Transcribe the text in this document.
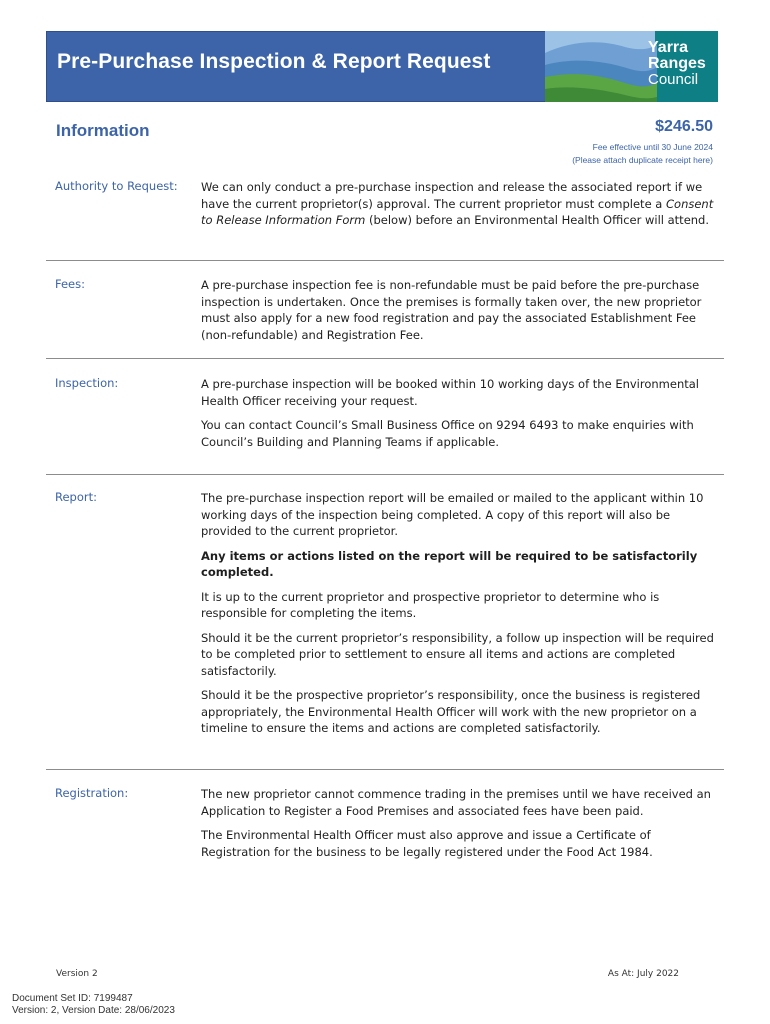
Pre-Purchase Inspection & Report Request
Yarra
Ranges
Council
Information	$246.50
Fee effective until 30 June 2024
(Please attach duplicate receipt here)
Authority to Request: We can only conduct a pre-purchase inspection and release the associated report if we have the current proprietor(s) approval. The current proprietor must complete a Consent to Release Information Form (below) before an Environmental Health Officer will attend.

Fees:	A pre-purchase inspection fee is non-refundable must be paid before the pre-purchase inspection is undertaken. Once the premises is formally taken over, the new proprietor must also apply for a new food registration and pay the associated Establishment Fee (non-refundable) and Registration Fee.

Inspection:	A pre-purchase inspection will be booked within 10 working days of the Environmental Health Officer receiving your request.

You can contact Council’s Small Business Office on 9294 6493 to make enquiries with Council’s Building and Planning Teams if applicable.

Report:	The pre-purchase inspection report will be emailed or mailed to the applicant within 10 working days of the inspection being completed. A copy of this report will also be provided to the current proprietor.

Any items or actions listed on the report will be required to be satisfactorily completed.

It is up to the current proprietor and prospective proprietor to determine who is responsible for completing the items.

Should it be the current proprietor’s responsibility, a follow up inspection will be required to be completed prior to settlement to ensure all items and actions are completed satisfactorily.

Should it be the prospective proprietor’s responsibility, once the business is registered appropriately, the Environmental Health Officer will work with the new proprietor on a timeline to ensure the items and actions are completed satisfactorily.

Registration:	The new proprietor cannot commence trading in the premises until we have received an Application to Register a Food Premises and associated fees have been paid.

The Environmental Health Officer must also approve and issue a Certificate of Registration for the business to be legally registered under the Food Act 1984.

Version 2	As At: July 2022
Document Set ID: 7199487
Version: 2, Version Date: 28/06/2023
